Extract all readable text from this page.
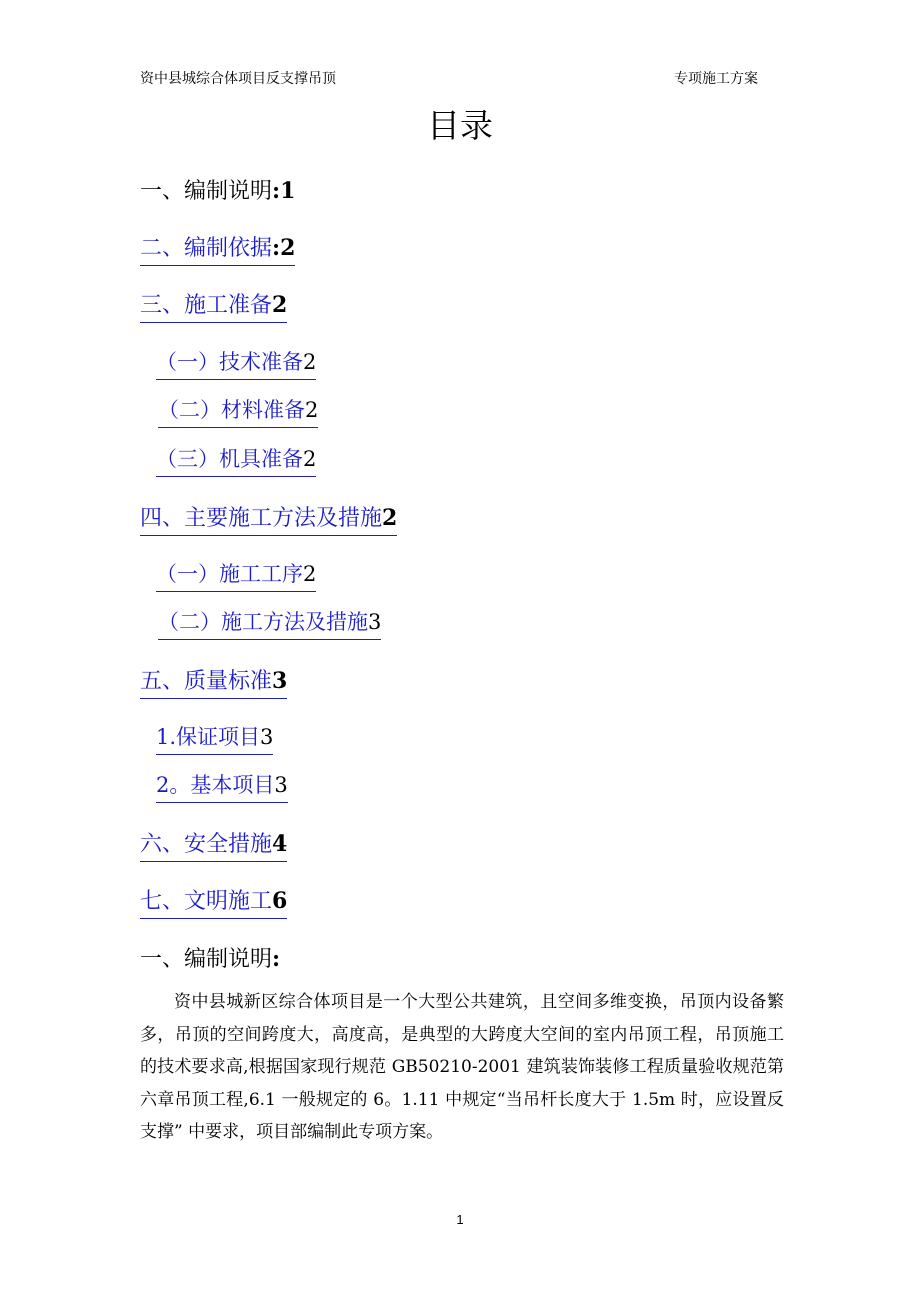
资中县城综合体项目反支撑吊顶	专项施工方案
目录
一、编制说明:1
二、编制依据:2
三、施工准备2
（一）技术准备2
（二）材料准备2
（三）机具准备2
四、主要施工方法及措施2
（一）施工工序2
（二）施工方法及措施3
五、质量标准3
1.保证项目3
2。基本项目3
六、安全措施4
七、文明施工6
一、编制说明:

资中县城新区综合体项目是一个大型公共建筑，且空间多维变换，吊顶内设备繁多，吊顶的空间跨度大，高度高，是典型的大跨度大空间的室内吊顶工程，吊顶施工的技术要求高,根据国家现行规范 GB50210-2001 建筑装饰装修工程质量验收规范第六章吊顶工程,6.1 一般规定的 6。1.11 中规定“当吊杆长度大于 1.5m 时，应设置反支撑” 中要求，项目部编制此专项方案。

1
